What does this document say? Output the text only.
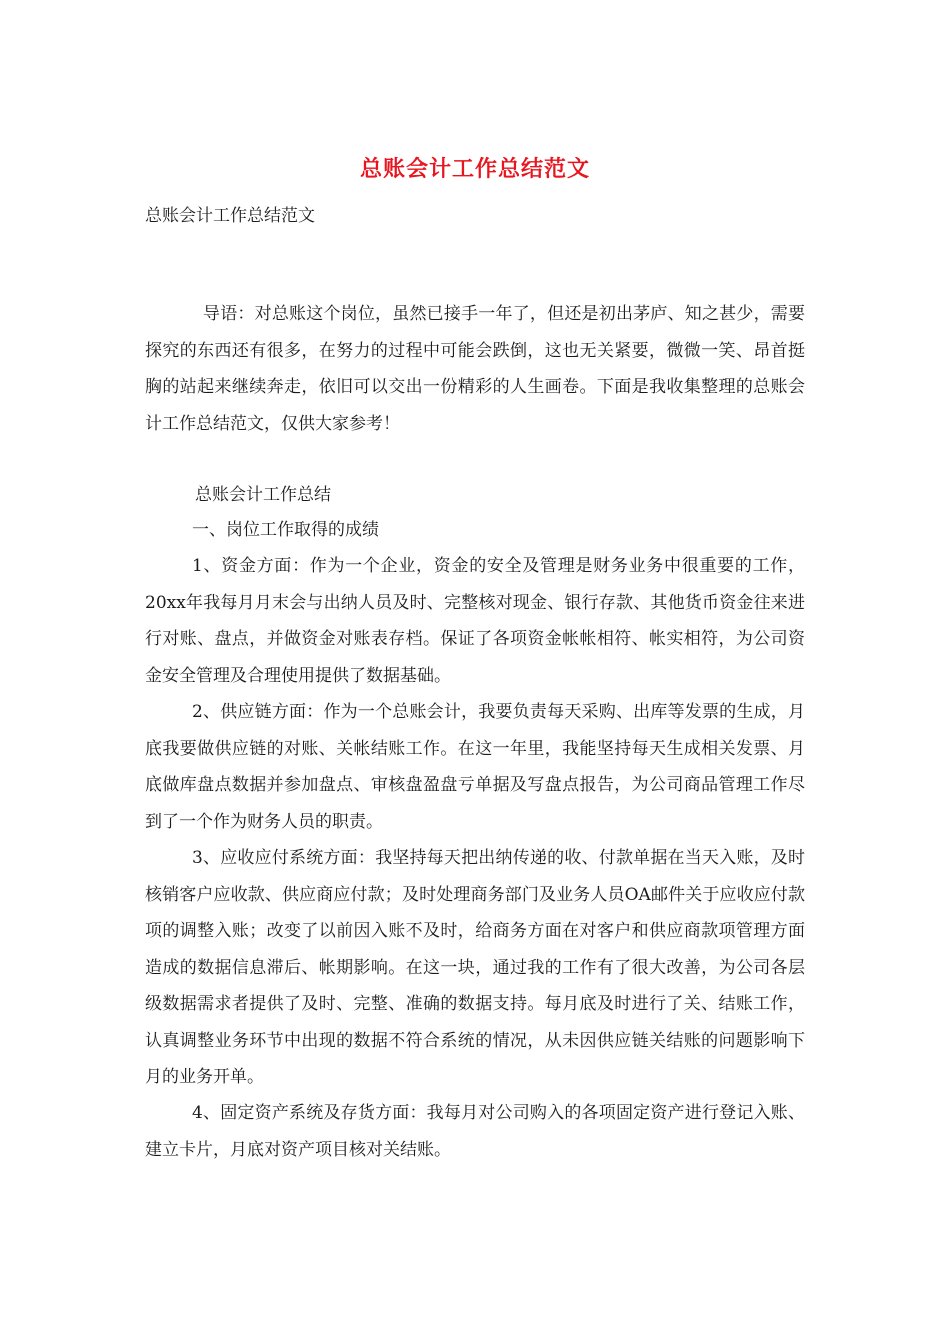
总账会计工作总结范文
总账会计工作总结范文

导语：对总账这个岗位，虽然已接手一年了，但还是初出茅庐、知之甚少，需要探究的东西还有很多，在努力的过程中可能会跌倒，这也无关紧要，微微一笑、昂首挺胸的站起来继续奔走，依旧可以交出一份精彩的人生画卷。下面是我收集整理的总账会计工作总结范文，仅供大家参考！

总账会计工作总结
一、岗位工作取得的成绩

1、资金方面：作为一个企业，资金的安全及管理是财务业务中很重要的工作，20xx年我每月月末会与出纳人员及时、完整核对现金、银行存款、其他货币资金往来进行对账、盘点，并做资金对账表存档。保证了各项资金帐帐相符、帐实相符，为公司资金安全管理及合理使用提供了数据基础。

2、供应链方面：作为一个总账会计，我要负责每天采购、出库等发票的生成，月底我要做供应链的对账、关帐结账工作。在这一年里，我能坚持每天生成相关发票、月底做库盘点数据并参加盘点、审核盘盈盘亏单据及写盘点报告，为公司商品管理工作尽到了一个作为财务人员的职责。

3、应收应付系统方面：我坚持每天把出纳传递的收、付款单据在当天入账，及时核销客户应收款、供应商应付款；及时处理商务部门及业务人员OA邮件关于应收应付款项的调整入账；改变了以前因入账不及时，给商务方面在对客户和供应商款项管理方面造成的数据信息滞后、帐期影响。在这一块，通过我的工作有了很大改善，为公司各层级数据需求者提供了及时、完整、准确的数据支持。每月底及时进行了关、结账工作，认真调整业务环节中出现的数据不符合系统的情况，从未因供应链关结账的问题影响下月的业务开单。

4、固定资产系统及存货方面：我每月对公司购入的各项固定资产进行登记入账、建立卡片，月底对资产项目核对关结账。
